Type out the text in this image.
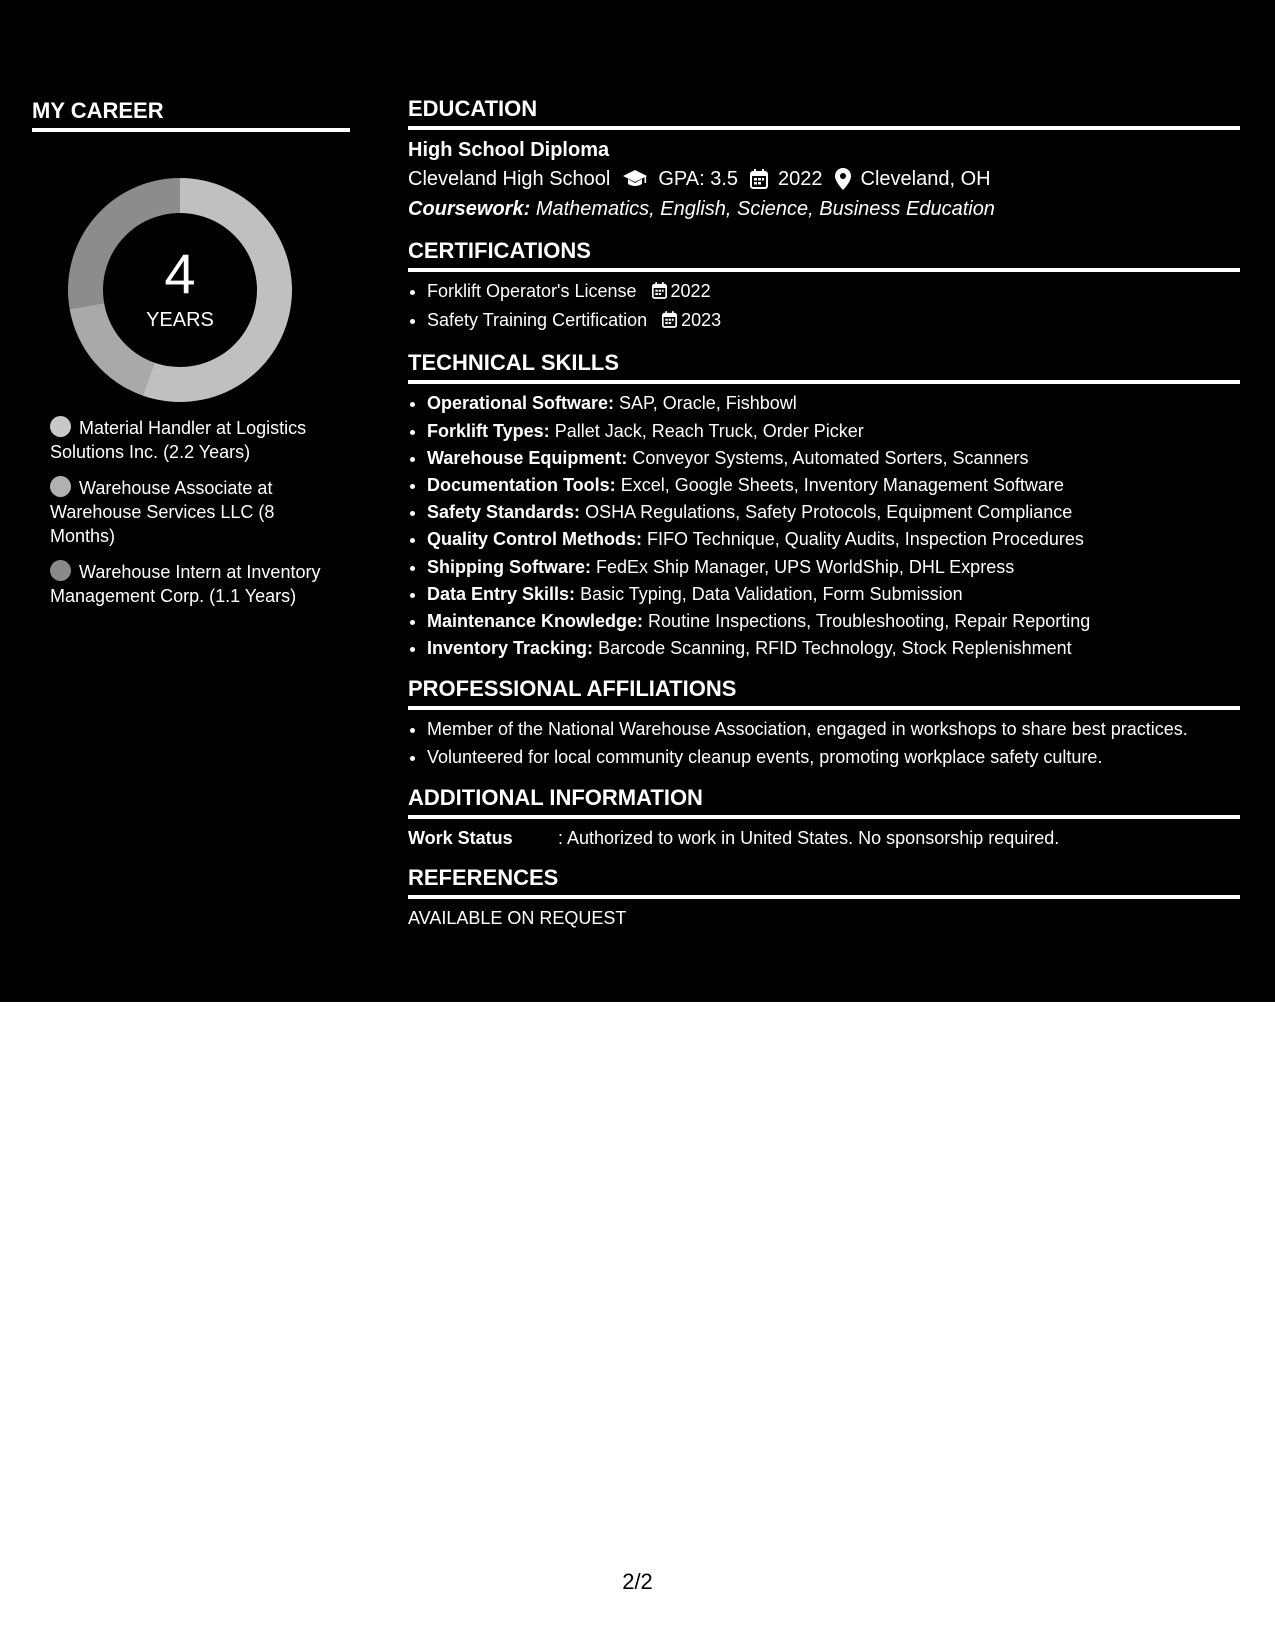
MY CAREER
4
YEARS
Material Handler at Logistics Solutions Inc. (2.2 Years)
Warehouse Associate at Warehouse Services LLC (8 Months)
Warehouse Intern at Inventory Management Corp. (1.1 Years)
EDUCATION
High School Diploma
Cleveland High School GPA: 3.5 2022 Cleveland, OH
Coursework: Mathematics, English, Science, Business Education
CERTIFICATIONS
• Forklift Operator's License 2022
• Safety Training Certification 2023
TECHNICAL SKILLS
• Operational Software: SAP, Oracle, Fishbowl
• Forklift Types: Pallet Jack, Reach Truck, Order Picker
• Warehouse Equipment: Conveyor Systems, Automated Sorters, Scanners
• Documentation Tools: Excel, Google Sheets, Inventory Management Software
• Safety Standards: OSHA Regulations, Safety Protocols, Equipment Compliance
• Quality Control Methods: FIFO Technique, Quality Audits, Inspection Procedures
• Shipping Software: FedEx Ship Manager, UPS WorldShip, DHL Express
• Data Entry Skills: Basic Typing, Data Validation, Form Submission
• Maintenance Knowledge: Routine Inspections, Troubleshooting, Repair Reporting
• Inventory Tracking: Barcode Scanning, RFID Technology, Stock Replenishment
PROFESSIONAL AFFILIATIONS
• Member of the National Warehouse Association, engaged in workshops to share best practices.
• Volunteered for local community cleanup events, promoting workplace safety culture.
ADDITIONAL INFORMATION
Work Status	: Authorized to work in United States. No sponsorship required.
REFERENCES
AVAILABLE ON REQUEST
2/2
